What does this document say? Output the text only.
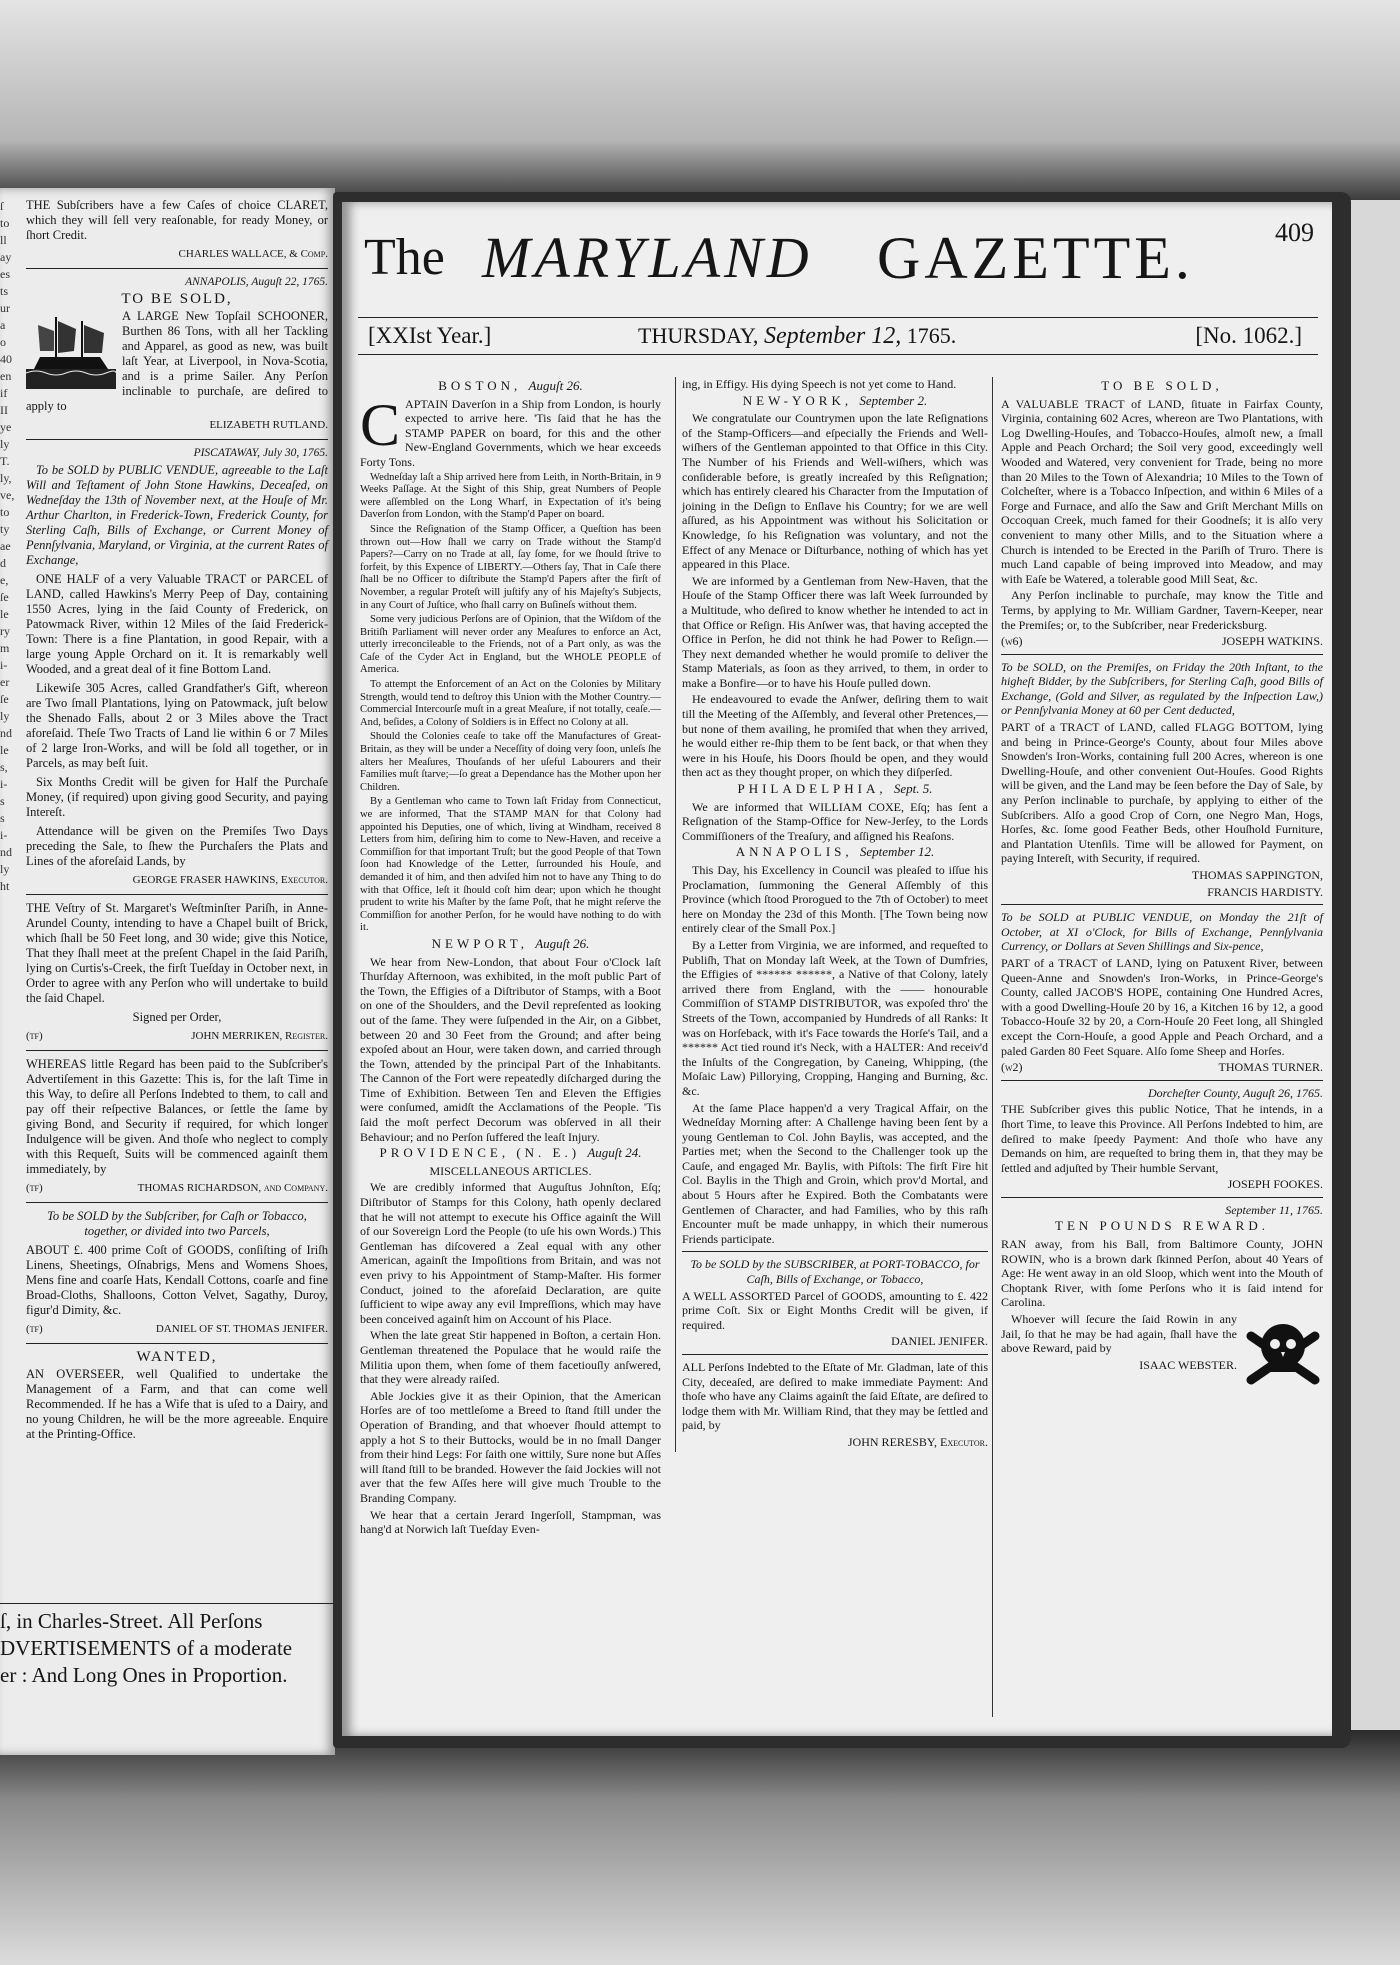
ſ
to
ll
ay
es
ts
ur
a
o
40
en
if
II
ye
ly
T.
ly,
ve,
to
ty
ae
d
e,
ſe
le
ry
m
i-
er
ſe
ly
nd
le
s,
i-
s
s
i-
nd
ly
ht

THE Subſcribers have a few Caſes of choice CLARET, which they will ſell very reaſonable, for ready Money, or ſhort Credit.

CHARLES WALLACE, & Comp.

ANNAPOLIS, Auguſt 22, 1765.

TO BE SOLD,

A LARGE New Topſail SCHOONER, Burthen 86 Tons, with all her Tackling and Apparel, as good as new, was built laſt Year, at Liverpool, in Nova-Scotia, and is a prime Sailer. Any Perſon inclinable to purchaſe, are deſired to apply to

ELIZABETH RUTLAND.

PISCATAWAY, July 30, 1765.

To be SOLD by PUBLIC VENDUE, agreeable to the Laſt Will and Teſtament of John Stone Hawkins, Deceaſed, on Wedneſday the 13th of November next, at the Houſe of Mr. Arthur Charlton, in Frederick-Town, Frederick County, for Sterling Caſh, Bills of Exchange, or Current Money of Pennſylvania, Maryland, or Virginia, at the current Rates of Exchange,

ONE HALF of a very Valuable TRACT or PARCEL of LAND, called Hawkins's Merry Peep of Day, containing 1550 Acres, lying in the ſaid County of Frederick, on Patowmack River, within 12 Miles of the ſaid Frederick-Town: There is a fine Plantation, in good Repair, with a large young Apple Orchard on it. It is remarkably well Wooded, and a great deal of it fine Bottom Land.

Likewiſe 305 Acres, called Grandfather's Gift, whereon are Two ſmall Plantations, lying on Patowmack, juſt below the Shenado Falls, about 2 or 3 Miles above the Tract aforeſaid. Theſe Two Tracts of Land lie within 6 or 7 Miles of 2 large Iron-Works, and will be ſold all together, or in Parcels, as may beſt ſuit.

Six Months Credit will be given for Half the Purchaſe Money, (if required) upon giving good Security, and paying Intereſt.

Attendance will be given on the Premiſes Two Days preceding the Sale, to ſhew the Purchaſers the Plats and Lines of the aforeſaid Lands, by

GEORGE FRASER HAWKINS, Executor.

THE Veſtry of St. Margaret's Weſtminſter Pariſh, in Anne-Arundel County, intending to have a Chapel built of Brick, which ſhall be 50 Feet long, and 30 wide; give this Notice, That they ſhall meet at the preſent Chapel in the ſaid Pariſh, lying on Curtis's-Creek, the firſt Tueſday in October next, in Order to agree with any Perſon who will undertake to build the ſaid Chapel.

Signed per Order,

(tf)	JOHN MERRIKEN, Regiſter.

WHEREAS little Regard has been paid to the Subſcriber's Advertiſement in this Gazette: This is, for the laſt Time in this Way, to deſire all Perſons Indebted to them, to call and pay off their reſpective Balances, or ſettle the ſame by giving Bond, and Security if required, for which longer Indulgence will be given. And thoſe who neglect to comply with this Requeſt, Suits will be commenced againſt them immediately, by

(tf)	THOMAS RICHARDSON, and Company.

To be SOLD by the Subſcriber, for Caſh or Tobacco, together, or divided into two Parcels,

ABOUT £. 400 prime Coſt of GOODS, conſiſting of Iriſh Linens, Sheetings, Oſnabrigs, Mens and Womens Shoes, Mens fine and coarſe Hats, Kendall Cottons, coarſe and fine Broad-Cloths, Shalloons, Cotton Velvet, Sagathy, Duroy, figur'd Dimity, &c.

(tf)	DANIEL OF ST. THOMAS JENIFER.

WANTED,

AN OVERSEER, well Qualified to undertake the Management of a Farm, and that can come well Recommended. If he has a Wife that is uſed to a Dairy, and no young Children, he will be the more agreeable. Enquire at the Printing-Office.

ſ, in Charles-Street. All Perſons
DVERTISEMENTS of a moderate
er : And Long Ones in Proportion.
The MARYLAND GAZETTE.	409
[XXIst Year.]	THURSDAY, September 12, 1765.	[No. 1062.]

BOSTON, Auguſt 26.

CAPTAIN Daverſon in a Ship from London, is hourly expected to arrive here. 'Tis ſaid that he has the STAMP PAPER on board, for this and the other New-England Governments, which we hear exceeds Forty Tons.

Wedneſday laſt a Ship arrived here from Leith, in North-Britain, in 9 Weeks Paſſage. At the Sight of this Ship, great Numbers of People were aſſembled on the Long Wharf, in Expectation of it's being Daverſon from London, with the Stamp'd Paper on board.

Since the Reſignation of the Stamp Officer, a Queſtion has been thrown out—How ſhall we carry on Trade without the Stamp'd Papers?—Carry on no Trade at all, ſay ſome, for we ſhould ſtrive to forfeit, by this Expence of LIBERTY.—Others ſay, That in Caſe there ſhall be no Officer to diſtribute the Stamp'd Papers after the firſt of November, a regular Proteſt will juſtify any of his Majeſty's Subjects, in any Court of Juſtice, who ſhall carry on Buſineſs without them.

Some very judicious Perſons are of Opinion, that the Wiſdom of the Britiſh Parliament will never order any Meaſures to enforce an Act, utterly irreconcileable to the Friends, not of a Part only, as was the Caſe of the Cyder Act in England, but the WHOLE PEOPLE of America.

To attempt the Enforcement of an Act on the Colonies by Military Strength, would tend to deſtroy this Union with the Mother Country.—Commercial Intercourſe muſt in a great Meaſure, if not totally, ceaſe.—And, beſides, a Colony of Soldiers is in Effect no Colony at all.

Should the Colonies ceaſe to take off the Manufactures of Great-Britain, as they will be under a Neceſſity of doing very ſoon, unleſs ſhe alters her Meaſures, Thouſands of her uſeful Labourers and their Families muſt ſtarve;—ſo great a Dependance has the Mother upon her Children.

By a Gentleman who came to Town laſt Friday from Connecticut, we are informed, That the STAMP MAN for that Colony had appointed his Deputies, one of which, living at Windham, received 8 Letters from him, deſiring him to come to New-Haven, and receive a Commiſſion for that important Truſt; but the good People of that Town ſoon had Knowledge of the Letter, ſurrounded his Houſe, and demanded it of him, and then adviſed him not to have any Thing to do with that Office, leſt it ſhould coſt him dear; upon which he thought prudent to write his Maſter by the ſame Poſt, that he might reſerve the Commiſſion for another Perſon, for he would have nothing to do with it.

NEWPORT, Auguſt 26.

We hear from New-London, that about Four o'Clock laſt Thurſday Afternoon, was exhibited, in the moſt public Part of the Town, the Effigies of a Diſtributor of Stamps, with a Boot on one of the Shoulders, and the Devil repreſented as looking out of the ſame. They were ſuſpended in the Air, on a Gibbet, between 20 and 30 Feet from the Ground; and after being expoſed about an Hour, were taken down, and carried through the Town, attended by the principal Part of the Inhabitants. The Cannon of the Fort were repeatedly diſcharged during the Time of Exhibition. Between Ten and Eleven the Effigies were conſumed, amidſt the Acclamations of the People. 'Tis ſaid the moſt perfect Decorum was obſerved in all their Behaviour; and no Perſon ſuffered the leaſt Injury.

PROVIDENCE, (N. E.) Auguſt 24.

MISCELLANEOUS ARTICLES.

We are credibly informed that Auguſtus Johnſton, Eſq; Diſtributor of Stamps for this Colony, hath openly declared that he will not attempt to execute his Office againſt the Will of our Sovereign Lord the People (to uſe his own Words.) This Gentleman has diſcovered a Zeal equal with any other American, againſt the Impoſitions from Britain, and was not even privy to his Appointment of Stamp-Maſter. His former Conduct, joined to the aforeſaid Declaration, are quite ſufficient to wipe away any evil Impreſſions, which may have been conceived againſt him on Account of his Place.

When the late great Stir happened in Boſton, a certain Hon. Gentleman threatened the Populace that he would raiſe the Militia upon them, when ſome of them facetiouſly anſwered, that they were already raiſed.

Able Jockies give it as their Opinion, that the American Horſes are of too mettleſome a Breed to ſtand ſtill under the Operation of Branding, and that whoever ſhould attempt to apply a hot S to their Buttocks, would be in no ſmall Danger from their hind Legs: For ſaith one wittily, Sure none but Aſſes will ſtand ſtill to be branded. However the ſaid Jockies will not aver that the few Aſſes here will give much Trouble to the Branding Company.

We hear that a certain Jerard Ingerſoll, Stampman, was hang'd at Norwich laſt Tueſday Even-

ing, in Effigy. His dying Speech is not yet come to Hand.

NEW-YORK, September 2.

We congratulate our Countrymen upon the late Reſignations of the Stamp-Officers—and eſpecially the Friends and Well-wiſhers of the Gentleman appointed to that Office in this City. The Number of his Friends and Well-wiſhers, which was conſiderable before, is greatly increaſed by this Reſignation; which has entirely cleared his Character from the Imputation of joining in the Deſign to Enſlave his Country; for we are well aſſured, as his Appointment was without his Solicitation or Knowledge, ſo his Reſignation was voluntary, and not the Effect of any Menace or Diſturbance, nothing of which has yet appeared in this Place.

We are informed by a Gentleman from New-Haven, that the Houſe of the Stamp Officer there was laſt Week ſurrounded by a Multitude, who deſired to know whether he intended to act in that Office or Reſign. His Anſwer was, that having accepted the Office in Perſon, he did not think he had Power to Reſign.—They next demanded whether he would promiſe to deliver the Stamp Materials, as ſoon as they arrived, to them, in order to make a Bonfire—or to have his Houſe pulled down.

He endeavoured to evade the Anſwer, deſiring them to wait till the Meeting of the Aſſembly, and ſeveral other Pretences,—but none of them availing, he promiſed that when they arrived, he would either re-ſhip them to be ſent back, or that when they were in his Houſe, his Doors ſhould be open, and they would then act as they thought proper, on which they diſperſed.

PHILADELPHIA, Sept. 5.

We are informed that WILLIAM COXE, Eſq; has ſent a Reſignation of the Stamp-Office for New-Jerſey, to the Lords Commiſſioners of the Treaſury, and aſſigned his Reaſons.

ANNAPOLIS, September 12.

This Day, his Excellency in Council was pleaſed to iſſue his Proclamation, ſummoning the General Aſſembly of this Province (which ſtood Prorogued to the 7th of October) to meet here on Monday the 23d of this Month. [The Town being now entirely clear of the Small Pox.]

By a Letter from Virginia, we are informed, and requeſted to Publiſh, That on Monday laſt Week, at the Town of Dumfries, the Effigies of ****** ******, a Native of that Colony, lately arrived there from England, with the —— honourable Commiſſion of STAMP DISTRIBUTOR, was expoſed thro' the Streets of the Town, accompanied by Hundreds of all Ranks: It was on Horſeback, with it's Face towards the Horſe's Tail, and a ****** Act tied round it's Neck, with a HALTER: And receiv'd the Inſults of the Congregation, by Caneing, Whipping, (the Moſaic Law) Pillorying, Cropping, Hanging and Burning, &c. &c.

At the ſame Place happen'd a very Tragical Affair, on the Wedneſday Morning after: A Challenge having been ſent by a young Gentleman to Col. John Baylis, was accepted, and the Parties met; when the Second to the Challenger took up the Cauſe, and engaged Mr. Baylis, with Piſtols: The firſt Fire hit Col. Baylis in the Thigh and Groin, which prov'd Mortal, and about 5 Hours after he Expired. Both the Combatants were Gentlemen of Character, and had Families, who by this raſh Encounter muſt be made unhappy, in which their numerous Friends participate.

To be SOLD by the SUBSCRIBER, at PORT-TOBACCO, for Caſh, Bills of Exchange, or Tobacco,

A WELL ASSORTED Parcel of GOODS, amounting to £. 422 prime Coſt. Six or Eight Months Credit will be given, if required.

DANIEL JENIFER.

ALL Perſons Indebted to the Eſtate of Mr. Gladman, late of this City, deceaſed, are deſired to make immediate Payment: And thoſe who have any Claims againſt the ſaid Eſtate, are deſired to lodge them with Mr. William Rind, that they may be ſettled and paid, by

JOHN RERESBY, Executor.

TO BE SOLD,

A VALUABLE TRACT of LAND, ſituate in Fairfax County, Virginia, containing 602 Acres, whereon are Two Plantations, with Log Dwelling-Houſes, and Tobacco-Houſes, almoſt new, a ſmall Apple and Peach Orchard; the Soil very good, exceedingly well Wooded and Watered, very convenient for Trade, being no more than 20 Miles to the Town of Alexandria; 10 Miles to the Town of Colcheſter, where is a Tobacco Inſpection, and within 6 Miles of a Forge and Furnace, and alſo the Saw and Griſt Merchant Mills on Occoquan Creek, much famed for their Goodneſs; it is alſo very convenient to many other Mills, and to the Situation where a Church is intended to be Erected in the Pariſh of Truro. There is much Land capable of being improved into Meadow, and may with Eaſe be Watered, a tolerable good Mill Seat, &c.

Any Perſon inclinable to purchaſe, may know the Title and Terms, by applying to Mr. William Gardner, Tavern-Keeper, near the Premiſes; or, to the Subſcriber, near Fredericksburg.

(w6)	JOSEPH WATKINS.

To be SOLD, on the Premiſes, on Friday the 20th Inſtant, to the higheſt Bidder, by the Subſcribers, for Sterling Caſh, good Bills of Exchange, (Gold and Silver, as regulated by the Inſpection Law,) or Pennſylvania Money at 60 per Cent deducted,

PART of a TRACT of LAND, called FLAGG BOTTOM, lying and being in Prince-George's County, about four Miles above Snowden's Iron-Works, containing full 200 Acres, whereon is one Dwelling-Houſe, and other convenient Out-Houſes. Good Rights will be given, and the Land may be ſeen before the Day of Sale, by any Perſon inclinable to purchaſe, by applying to either of the Subſcribers. Alſo a good Crop of Corn, one Negro Man, Hogs, Horſes, &c. ſome good Feather Beds, other Houſhold Furniture, and Plantation Utenſils. Time will be allowed for Payment, on paying Intereſt, with Security, if required.

THOMAS SAPPINGTON,

FRANCIS HARDISTY.

To be SOLD at PUBLIC VENDUE, on Monday the 21ſt of October, at XI o'Clock, for Bills of Exchange, Pennſylvania Currency, or Dollars at Seven Shillings and Six-pence,

PART of a TRACT of LAND, lying on Patuxent River, between Queen-Anne and Snowden's Iron-Works, in Prince-George's County, called JACOB'S HOPE, containing One Hundred Acres, with a good Dwelling-Houſe 20 by 16, a Kitchen 16 by 12, a good Tobacco-Houſe 32 by 20, a Corn-Houſe 20 Feet long, all Shingled except the Corn-Houſe, a good Apple and Peach Orchard, and a paled Garden 80 Feet Square. Alſo ſome Sheep and Horſes.

(w2)	THOMAS TURNER.

Dorcheſter County, Auguſt 26, 1765.

THE Subſcriber gives this public Notice, That he intends, in a ſhort Time, to leave this Province. All Perſons Indebted to him, are deſired to make ſpeedy Payment: And thoſe who have any Demands on him, are requeſted to bring them in, that they may be ſettled and adjuſted by Their humble Servant,

JOSEPH FOOKES.

September 11, 1765.

TEN POUNDS REWARD.

RAN away, from his Ball, from Baltimore County, JOHN ROWIN, who is a brown dark ſkinned Perſon, about 40 Years of Age: He went away in an old Sloop, which went into the Mouth of Choptank River, with ſome Perſons who it is ſaid intend for Carolina.

Whoever will ſecure the ſaid Rowin in any Jail, ſo that he may be had again, ſhall have the above Reward, paid by

ISAAC WEBSTER.
